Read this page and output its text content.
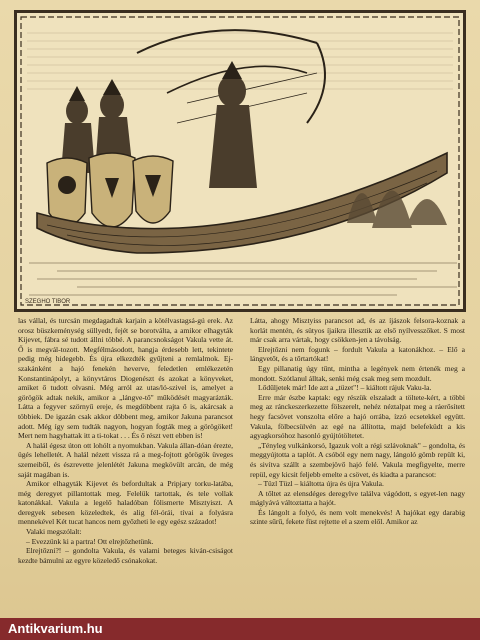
SZEGHO TIBOR

las vállal, és turcsán megdagadtak karjain a kötélvastagsá-gú erek. Az orosz büszkeménység süllyedt, fejét se borotválta, a amikor elhagyták Kijevet, fábra sé tudott állni többé. A parancsnokságot Vakula vette át. Ő is megvál-tozott. Megfélmásodott, hangja érdesebb lett, tekintete pedig még hidegebb. És újra elkezdték gyűjteni a remlalmok. Ej-szakánként a hajó fenekén heverve, feledetlen emlékezetén Konstantinápolyt, a könyvtáros Diogenészt és azokat a könyveket, amiket ő tudott olvasni. Még arról az utas/ló-szivel is, amelyet a görögök adtak nekik, amikor a „lángve-tő" működését magyarázták. Látta a fegyver szörnyű ereje, és megdöbbent rajta ő is, akárcsak a többiek. De igazán csak akkor döbbent meg, amikor Jakuna parancsot adott. Még így sem tudták nagyon, hogyan fogták meg a görögöket! Mert nem hagyhattak itt a ti-tokat . . . És ő részt vett ebben is!

A halál égesz úton ott lohólt a nyomukban. Vakula állan-dóan érezte, ügés lehelletét. A halál nézett vissza rá a meg-fojtott görögök üveges szemeiből, és észrevette jelenlétét Jakuna megkövült arcán, de még saját magában is.

Amikor elhagyták Kijevet és befordultak a Pripjary torku-latába, még deregyet pillantottak meg. Felelük tartottak, és tele vollak katonákkal. Vakula a legelő haladóban fölismerte Misztyiszt. A deregyek sebesen közeledtek, és alig fél-órái, tívai a folyásra mennekével Két tucat hancos nem győzheti le egy egész századot!

Valaki megszólalt:

– Evezzünk ki a partra! Ott elrejtőzhetünk.

Elrejtőzni?! – gondolta Vakula, és valami beteges kiván-csiságot kezdte bámulni az egyre közeledő csónakokat.

Látta, ahogy Misztyiss parancsot ad, és az íjászok felsora-koznak a korlát mentén, és sütyos íjaikra illesztik az első nyílvesszőket. S most már csak arra vártak, hogy csökken-jen a távolság.

Elrejtőzni nem fogunk – fordult Vakula a katonákhoz. – Elő a lángvetőt, és a tőrtartókat!

Egy pillanatig úgy tűnt, mintha a legények nem értenék meg a mondott. Szótlanul álltak, senki még csak meg sem mozdult.

Lődűljetek már! Ide azt a „tüzet"! – kiáltott rájuk Vaku-la.

Erre már észbe kaptak: egy részük elszaladt a töltete-kért, a többi meg az ránckeszerkezette fölszerelt, nehéz néztalpat meg a ráerősített hegy facsövet vonszolta előre a hajó orrába, ízzó ecsetekkel együtt. Vakula, fölbecsülvén az egé na állította, majd belefeküdt a kis agyagkorsóhoz hasonló gyújtótöltetet.

„Tényleg vulkánkorsó, Igazuk volt a régi szlávoknak" – gondolta, és meggyújtotta a taplót. A csóból egy nem nagy, lángoló gömb repült ki, és sivítva szállt a szembejövő hajó felé. Vakula megfigyelte, merre repül, egy kicsit feljebb emelte a csövet, és kiadta a parancsot:

– Tüzl Tüzl – kiáltotta újra és újra Vakula.

A tőltet az elensdéges deregylve találva vágódott, s egyet-len nagy máglyává változtatta a hajót.

És lángolt a folyó, és nem volt menekvés! A hajókat egy darabig szinte sűrű, fekete füst rejtette el a szem elől. Amikor az

Antikvarium.hu
